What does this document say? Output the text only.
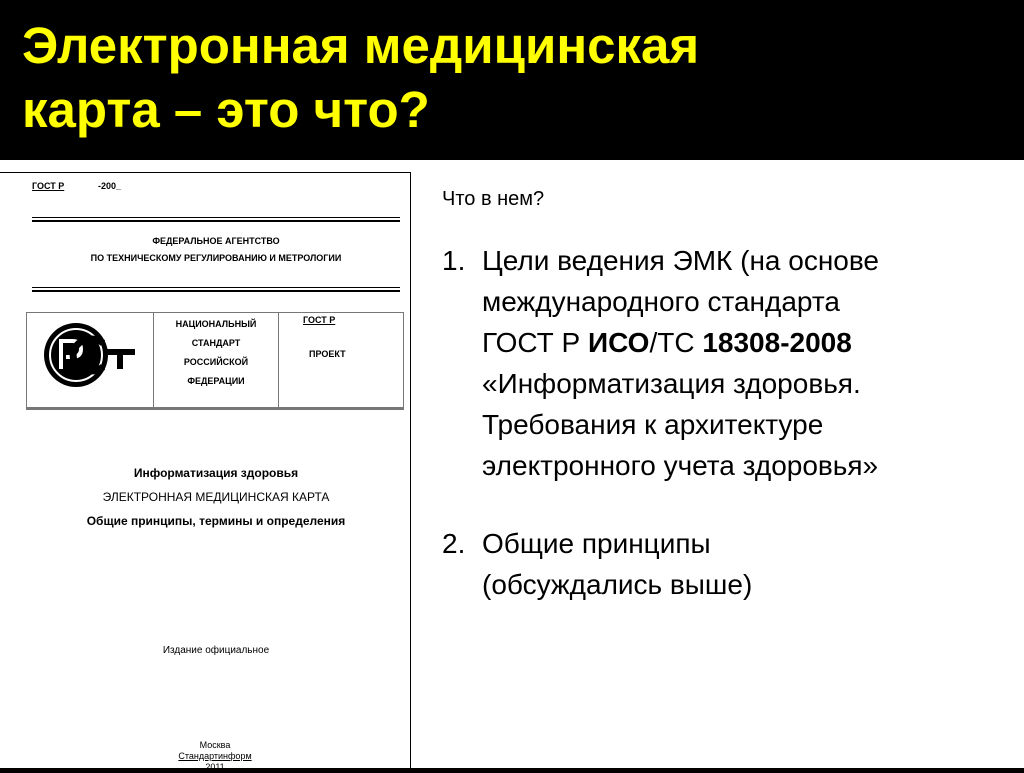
Электронная медицинская
карта – это что?
ГОСТ Р	-200_
ФЕДЕРАЛЬНОЕ АГЕНТСТВО
ПО ТЕХНИЧЕСКОМУ РЕГУЛИРОВАНИЮ И МЕТРОЛОГИИ
НАЦИОНАЛЬНЫЙ
СТАНДАРТ
РОССИЙСКОЙ
ФЕДЕРАЦИИ
ГОСТ Р
ПРОЕКТ
Информатизация здоровья
ЭЛЕКТРОННАЯ МЕДИЦИНСКАЯ КАРТА
Общие принципы, термины и определения
Издание официальное
Москва
Стандартинформ
2011
Что в нем?
1. Цели ведения ЭМК (на основе
международного стандарта
ГОСТ Р ИСО/ТС 18308-2008
«Информатизация здоровья.
Требования к архитектуре
электронного учета здоровья»
2. Общие принципы
(обсуждались выше)
